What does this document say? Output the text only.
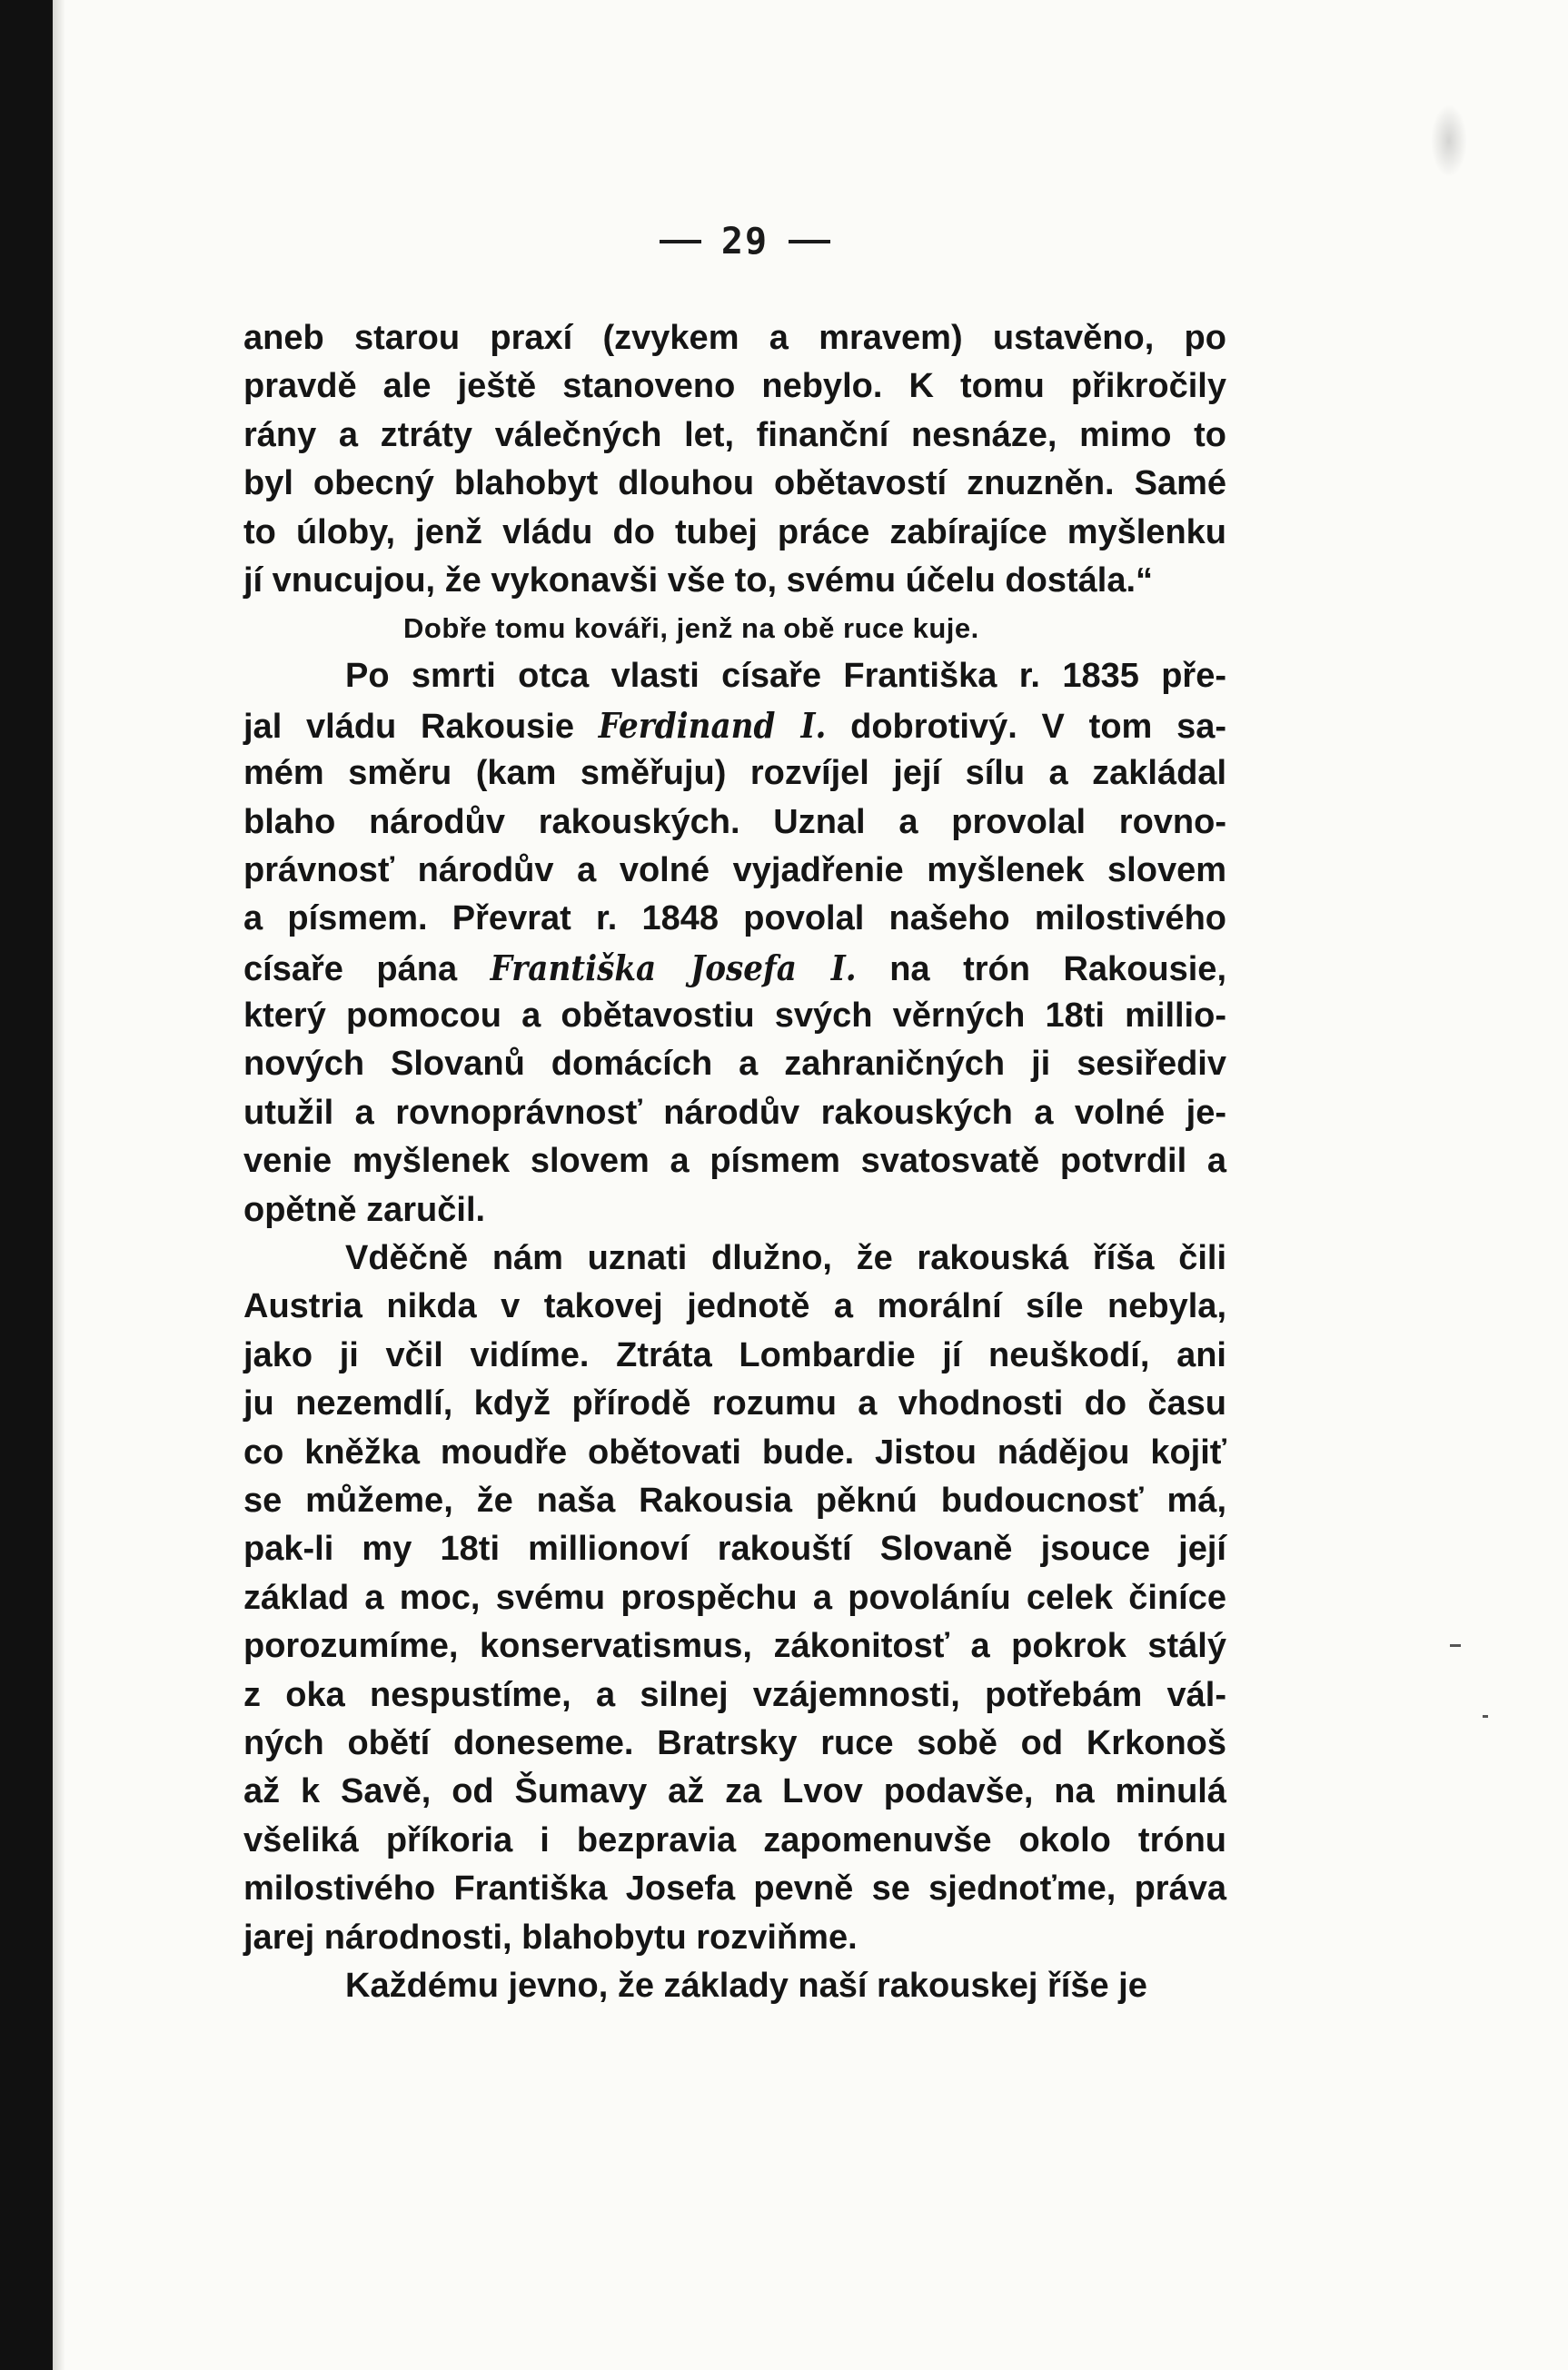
29
aneb starou praxí (zvykem a mravem) ustavěno, po
pravdě ale ještě stanoveno nebylo. K tomu přikročily
rány a ztráty válečných let, finanční nesnáze, mimo to
byl obecný blahobyt dlouhou obětavostí znuzněn. Samé
to úloby, jenž vládu do tubej práce zabírajíce myšlenku
jí vnucujou, že vykonavši vše to, svému účelu dostála.“
Dobře tomu kováři, jenž na obě ruce kuje.
Po smrti otca vlasti císaře Františka r. 1835 pře-
jal vládu Rakousie Ferdinand I. dobrotivý. V tom sa-
mém směru (kam směřuju) rozvíjel její sílu a zakládal
blaho národův rakouských. Uznal a provolal rovno-
právnosť národův a volné vyjadřenie myšlenek slovem
a písmem. Převrat r. 1848 povolal našeho milostivého
císaře pána Františka Josefa I. na trón Rakousie,
který pomocou a obětavostiu svých věrných 18ti millio-
nových Slovanů domácích a zahraničných ji sesiřediv
utužil a rovnoprávnosť národův rakouských a volné je-
venie myšlenek slovem a písmem svatosvatě potvrdil a
opětně zaručil.
Vděčně nám uznati dlužno, že rakouská říša čili
Austria nikda v takovej jednotě a morální síle nebyla,
jako ji včil vidíme. Ztráta Lombardie jí neuškodí, ani
ju nezemdlí, když přírodě rozumu a vhodnosti do času
co kněžka moudře obětovati bude. Jistou nádějou kojiť
se můžeme, že naša Rakousia pěknú budoucnosť má,
pak-li my 18ti millionoví rakouští Slovaně jsouce její
základ a moc, svému prospěchu a povoláníu celek činíce
porozumíme, konservatismus, zákonitosť a pokrok stálý
z oka nespustíme, a silnej vzájemnosti, potřebám vál-
ných obětí doneseme. Bratrsky ruce sobě od Krkonoš
až k Savě, od Šumavy až za Lvov podavše, na minulá
všeliká příkoria i bezpravia zapomenuvše okolo trónu
milostivého Františka Josefa pevně se sjednoťme, práva
jarej národnosti, blahobytu rozviňme.
Každému jevno, že základy naší rakouskej říše je
